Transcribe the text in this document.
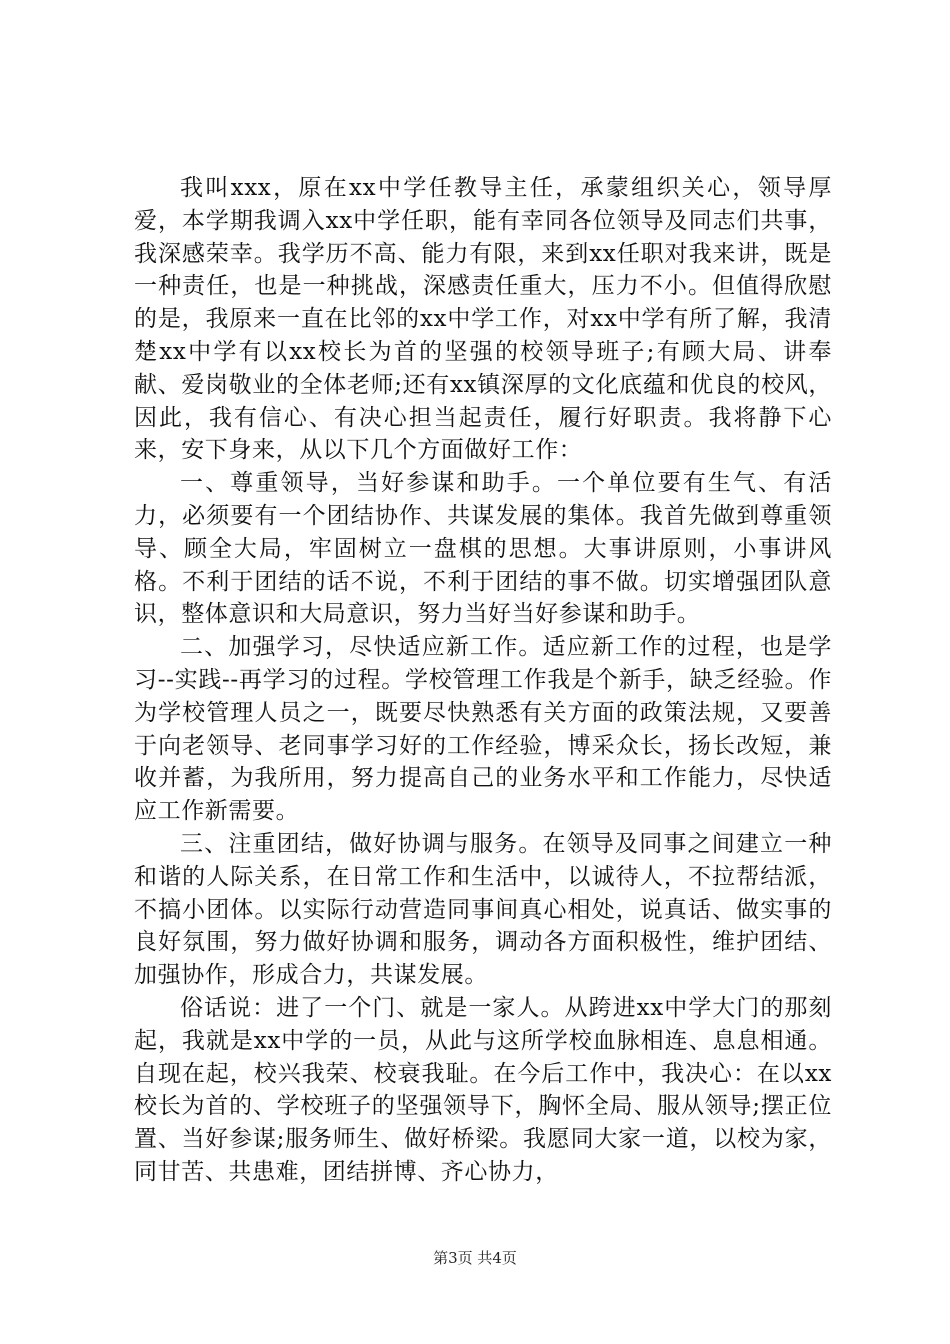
我叫xxx，原在xx中学任教导主任，承蒙组织关心，领导厚爱，本学期我调入xx中学任职，能有幸同各位领导及同志们共事，我深感荣幸。我学历不高、能力有限，来到xx任职对我来讲，既是一种责任，也是一种挑战，深感责任重大，压力不小。但值得欣慰的是，我原来一直在比邻的xx中学工作，对xx中学有所了解，我清楚xx中学有以xx校长为首的坚强的校领导班子;有顾大局、讲奉献、爱岗敬业的全体老师;还有xx镇深厚的文化底蕴和优良的校风，因此，我有信心、有决心担当起责任，履行好职责。我将静下心来，安下身来，从以下几个方面做好工作：

一、尊重领导，当好参谋和助手。一个单位要有生气、有活力，必须要有一个团结协作、共谋发展的集体。我首先做到尊重领导、顾全大局，牢固树立一盘棋的思想。大事讲原则，小事讲风格。不利于团结的话不说，不利于团结的事不做。切实增强团队意识，整体意识和大局意识，努力当好当好参谋和助手。

二、加强学习，尽快适应新工作。适应新工作的过程，也是学习--实践--再学习的过程。学校管理工作我是个新手，缺乏经验。作为学校管理人员之一，既要尽快熟悉有关方面的政策法规，又要善于向老领导、老同事学习好的工作经验，博采众长，扬长改短，兼收并蓄，为我所用，努力提高自己的业务水平和工作能力，尽快适应工作新需要。

三、注重团结，做好协调与服务。在领导及同事之间建立一种和谐的人际关系，在日常工作和生活中，以诚待人，不拉帮结派，不搞小团体。以实际行动营造同事间真心相处，说真话、做实事的良好氛围，努力做好协调和服务，调动各方面积极性，维护团结、加强协作，形成合力，共谋发展。

俗话说：进了一个门、就是一家人。从跨进xx中学大门的那刻起，我就是xx中学的一员，从此与这所学校血脉相连、息息相通。自现在起，校兴我荣、校衰我耻。在今后工作中，我决心：在以xx校长为首的、学校班子的坚强领导下，胸怀全局、服从领导;摆正位置、当好参谋;服务师生、做好桥梁。我愿同大家一道，以校为家，同甘苦、共患难，团结拼博、齐心协力，

第3页 共4页
